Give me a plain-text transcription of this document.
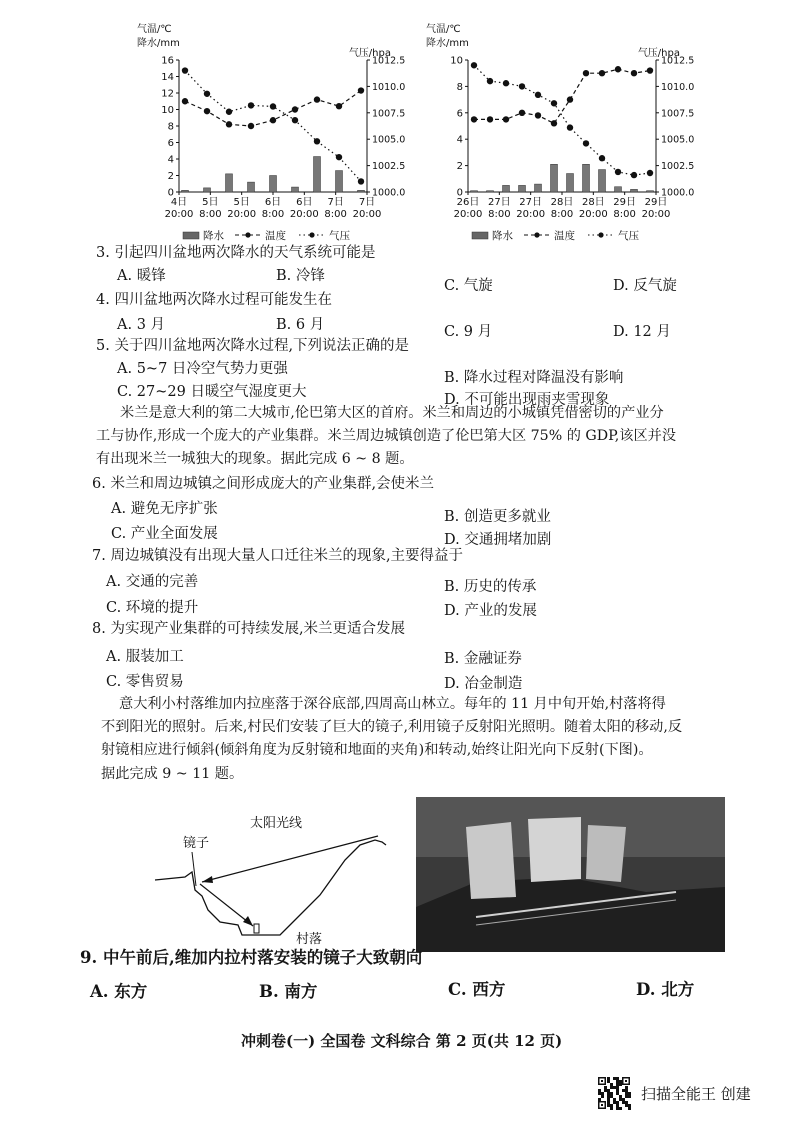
气温/℃
降水/mm
气压/hpa
0
2
4
6
8
10
12
14
16
1000.0
1002.5
1005.0
1007.5
1010.0
1012.5
4日
20:00
5日
8:00
5日
20:00
6日
8:00
6日
20:00
7日
8:00
7日
20:00
降水	温度	气压
气温/℃
降水/mm
气压/hpa
0
2
4
6
8
10
1000.0
1002.5
1005.0
1007.5
1010.0
1012.5
26日
20:00
27日
8:00
27日
20:00
28日
8:00
28日
20:00
29日
8:00
29日
20:00
降水	温度	气压
3. 引起四川盆地两次降水的天气系统可能是
A. 暖锋	B. 冷锋
C. 气旋	D. 反气旋
4. 四川盆地两次降水过程可能发生在
A. 3 月	B. 6 月	C. 9 月	D. 12 月
5. 关于四川盆地两次降水过程,下列说法正确的是
A. 5~7 日冷空气势力更强
B. 降水过程对降温没有影响
C. 27~29 日暖空气湿度更大	D. 不可能出现雨夹雪现象

米兰是意大利的第二大城市,伦巴第大区的首府。米兰和周边的小城镇凭借密切的产业分

工与协作,形成一个庞大的产业集群。米兰周边城镇创造了伦巴第大区 75% 的 GDP,该区并没

有出现米兰一城独大的现象。据此完成 6 ~ 8 题。

6. 米兰和周边城镇之间形成庞大的产业集群,会使米兰
A. 避免无序扩张	B. 创造更多就业
C. 产业全面发展	D. 交通拥堵加剧
7. 周边城镇没有出现大量人口迁往米兰的现象,主要得益于
A. 交通的完善	B. 历史的传承
C. 环境的提升	D. 产业的发展
8. 为实现产业集群的可持续发展,米兰更适合发展
A. 服装加工	B. 金融证券
C. 零售贸易	D. 冶金制造

意大利小村落维加内拉座落于深谷底部,四周高山林立。每年的 11 月中旬开始,村落将得

不到阳光的照射。后来,村民们安装了巨大的镜子,利用镜子反射阳光照明。随着太阳的移动,反

射镜相应进行倾斜(倾斜角度为反射镜和地面的夹角)和转动,始终让阳光向下反射(下图)。

据此完成 9 ~ 11 题。

太阳光线
镜子
村落
9. 中午前后,维加内拉村落安装的镜子大致朝向
A. 东方	B. 南方	C. 西方	D. 北方
冲刺卷(一) 全国卷 文科综合 第 2 页(共 12 页)
扫描全能王 创建
